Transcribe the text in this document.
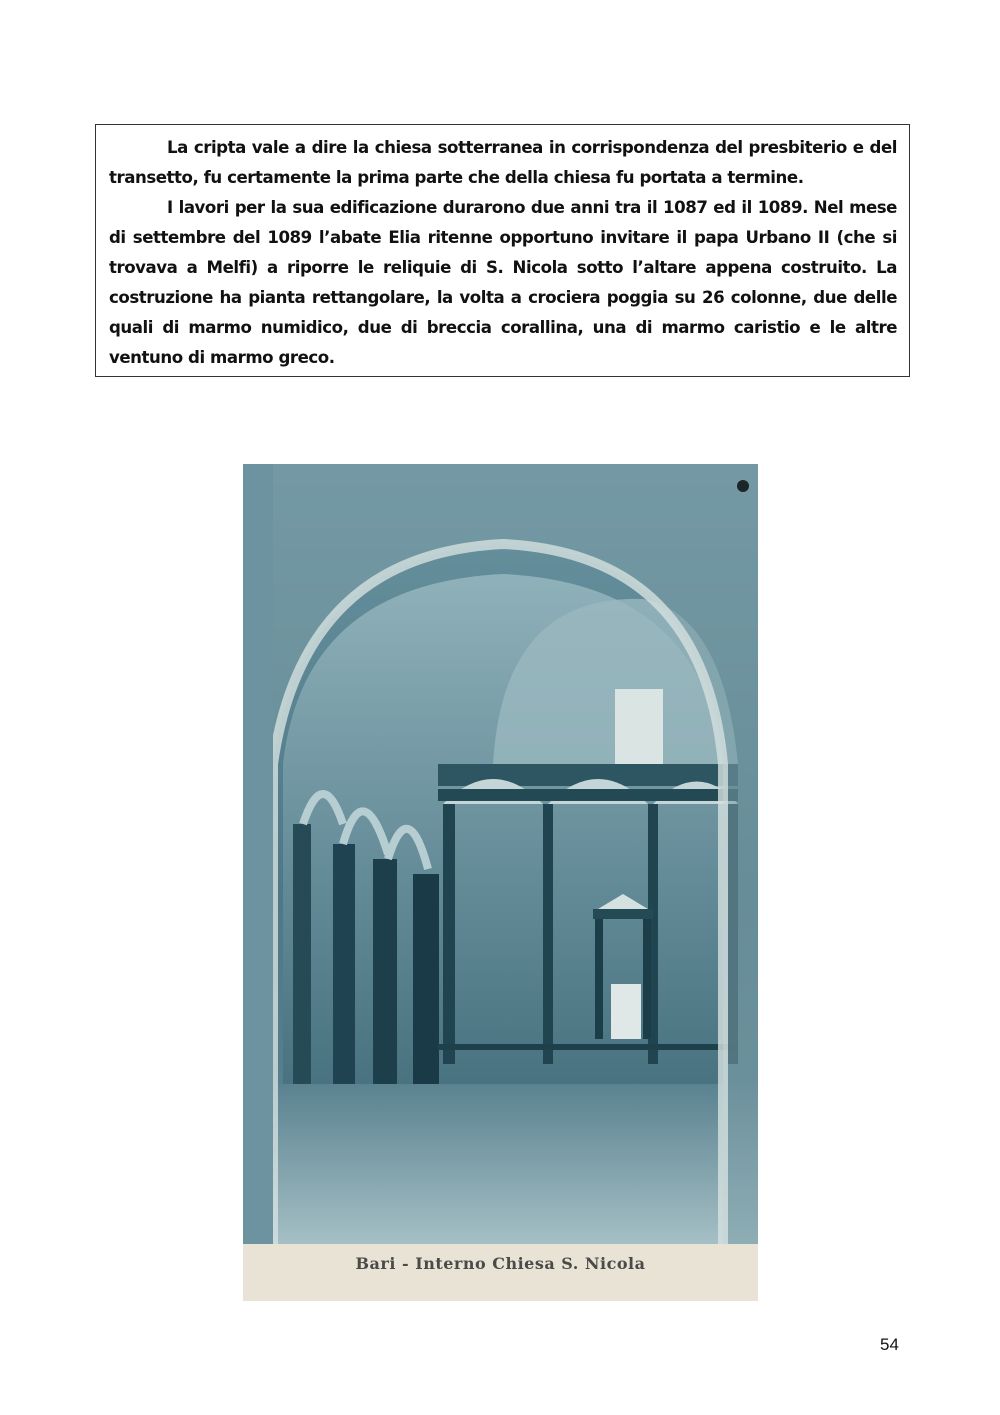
La cripta vale a dire la chiesa sotterranea in corrispondenza del presbiterio e del transetto, fu certamente la prima parte che della chiesa fu portata a termine.

I lavori per la sua edificazione durarono due anni tra il 1087 ed il 1089. Nel mese di settembre del 1089 l’abate Elia ritenne opportuno invitare il papa Urbano II (che si trovava a Melfi) a riporre le reliquie di S. Nicola sotto l’altare appena costruito. La costruzione ha pianta rettangolare, la volta a crociera poggia su 26 colonne, due delle quali di marmo numidico, due di breccia corallina, una di marmo caristio e le altre ventuno di marmo greco.

Bari - Interno Chiesa S. Nicola
54
